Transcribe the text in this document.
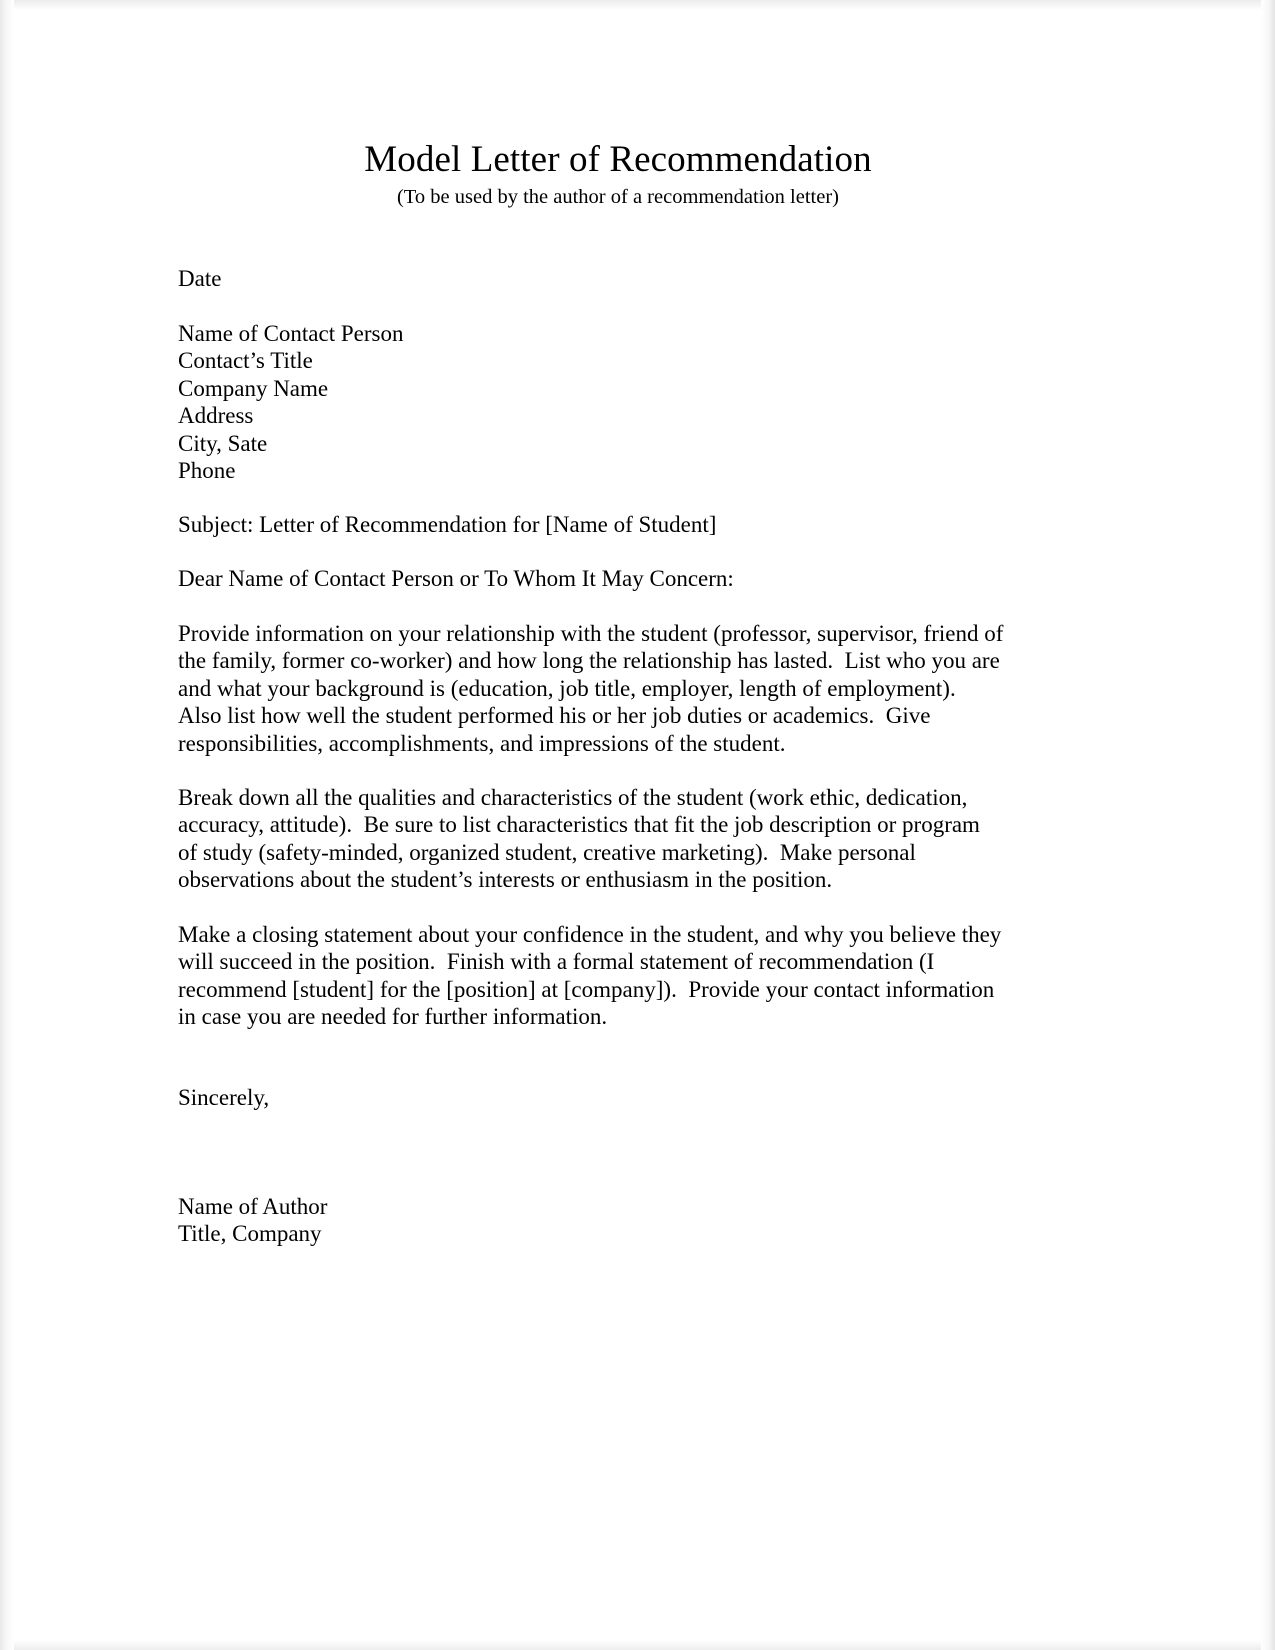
Model Letter of Recommendation
(To be used by the author of a recommendation letter)
Date
Name of Contact Person
Contact’s Title
Company Name
Address
City, Sate
Phone
Subject: Letter of Recommendation for [Name of Student]
Dear Name of Contact Person or To Whom It May Concern:
Provide information on your relationship with the student (professor, supervisor, friend of
the family, former co-worker) and how long the relationship has lasted.  List who you are
and what your background is (education, job title, employer, length of employment).
Also list how well the student performed his or her job duties or academics.  Give
responsibilities, accomplishments, and impressions of the student.
Break down all the qualities and characteristics of the student (work ethic, dedication,
accuracy, attitude).  Be sure to list characteristics that fit the job description or program
of study (safety-minded, organized student, creative marketing).  Make personal
observations about the student’s interests or enthusiasm in the position.
Make a closing statement about your confidence in the student, and why you believe they
will succeed in the position.  Finish with a formal statement of recommendation (I
recommend [student] for the [position] at [company]).  Provide your contact information
in case you are needed for further information.
Sincerely,
Name of Author
Title, Company
